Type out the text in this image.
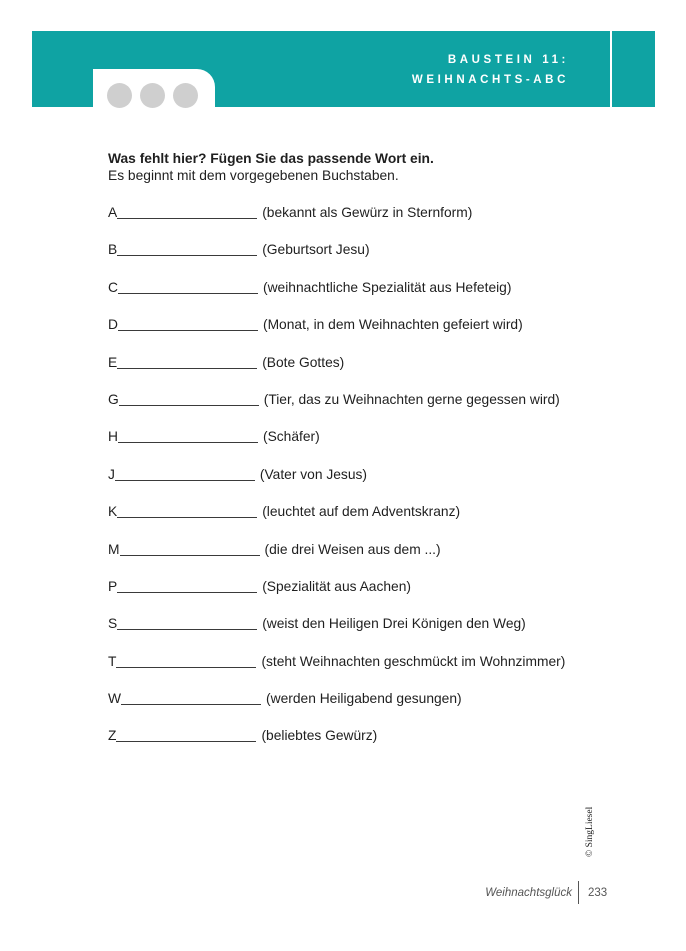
BAUSTEIN 11:
WEIHNACHTS-ABC
Was fehlt hier? Fügen Sie das passende Wort ein.
Es beginnt mit dem vorgegebenen Buchstaben.
A	(bekannt als Gewürz in Sternform)
B	(Geburtsort Jesu)
C	(weihnachtliche Spezialität aus Hefeteig)
D	(Monat, in dem Weihnachten gefeiert wird)
E	(Bote Gottes)
G	(Tier, das zu Weihnachten gerne gegessen wird)
H	(Schäfer)
J	(Vater von Jesus)
K	(leuchtet auf dem Adventskranz)
M	(die drei Weisen aus dem ...)
P	(Spezialität aus Aachen)
S	(weist den Heiligen Drei Königen den Weg)
T	(steht Weihnachten geschmückt im Wohnzimmer)
W	(werden Heiligabend gesungen)
Z	(beliebtes Gewürz)
© SingLiesel
Weihnachtsglück 233
